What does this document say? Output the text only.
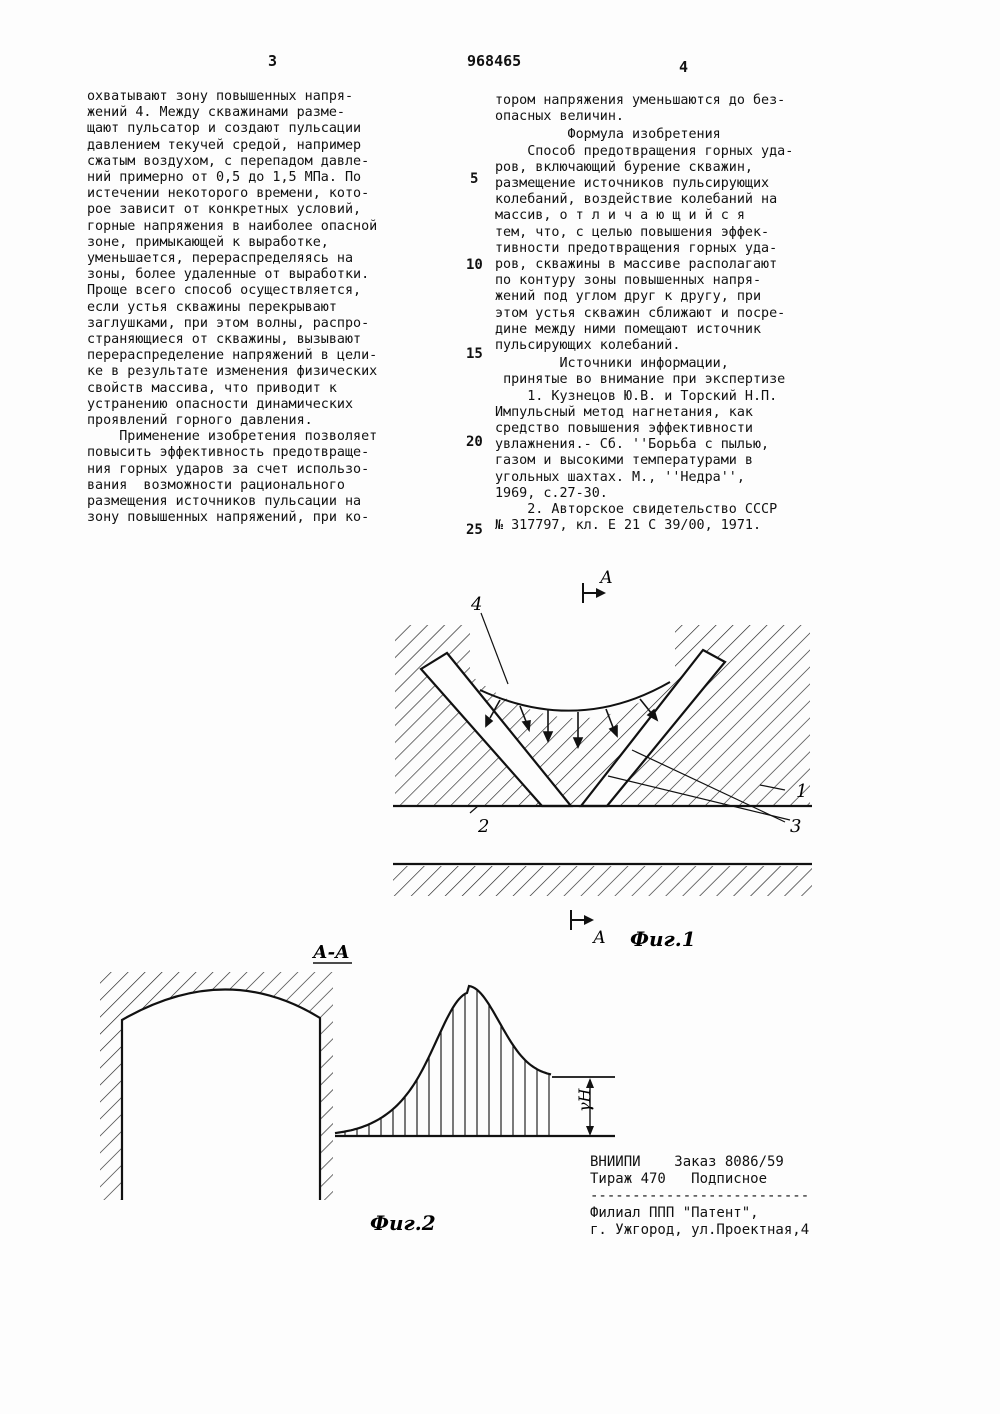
3	968465	4
охватывают зону повышенных напря-
жений 4. Между скважинами разме-
щают пульсатор и создают пульсации
давлением текучей средой, например
сжатым воздухом, с перепадом давле-
ний примерно от 0,5 до 1,5 МПа. По
истечении некоторого времени, кото-
рое зависит от конкретных условий,
горные напряжения в наиболее опасной
зоне, примыкающей к выработке,
уменьшается, перераспределяясь на
зоны, более удаленные от выработки.
Проще всего способ осуществляется,
если устья скважины перекрывают
заглушками, при этом волны, распро-
страняющиеся от скважины, вызывают
перераспределение напряжений в цели-
ке в результате изменения физических
свойств массива, что приводит к
устранению опасности динамических
проявлений горного давления.
Применение изобретения позволяет
повысить эффективность предотвраще-
ния горных ударов за счет использо-
вания  возможности рационального
размещения источников пульсации на
зону повышенных напряжений, при ко-
5
10
15
20
25
тором напряжения уменьшаются до без-
опасных величин.
Формула изобретения
Способ предотвращения горных уда-
ров, включающий бурение скважин,
размещение источников пульсирующих
колебаний, воздействие колебаний на
массив, о т л и ч а ю щ и й с я
тем, что, с целью повышения эффек-
тивности предотвращения горных уда-
ров, скважины в массиве располагают
по контуру зоны повышенных напря-
жений под углом друг к другу, при
этом устья скважин сближают и посре-
дине между ними помещают источник
пульсирующих колебаний.
Источники информации,
принятые во внимание при экспертизе
1. Кузнецов Ю.В. и Торский Н.П.
Импульсный метод нагнетания, как
средство повышения эффективности
увлажнения.- Сб. ''Борьба с пылью,
газом и высокими температурами в
угольных шахтах. М., ''Недра'',
1969, с.27-30.
2. Авторское свидетельство СССР
№ 317797, кл. Е 21 С 39/00, 1971.
А
А
4
1
2	3
Фиг.1
А-А
γН
Фиг.2
ВНИИПИ    Заказ 8086/59
Тираж 470   Подписное
--------------------------
Филиал ППП "Патент",
г. Ужгород, ул.Проектная,4
